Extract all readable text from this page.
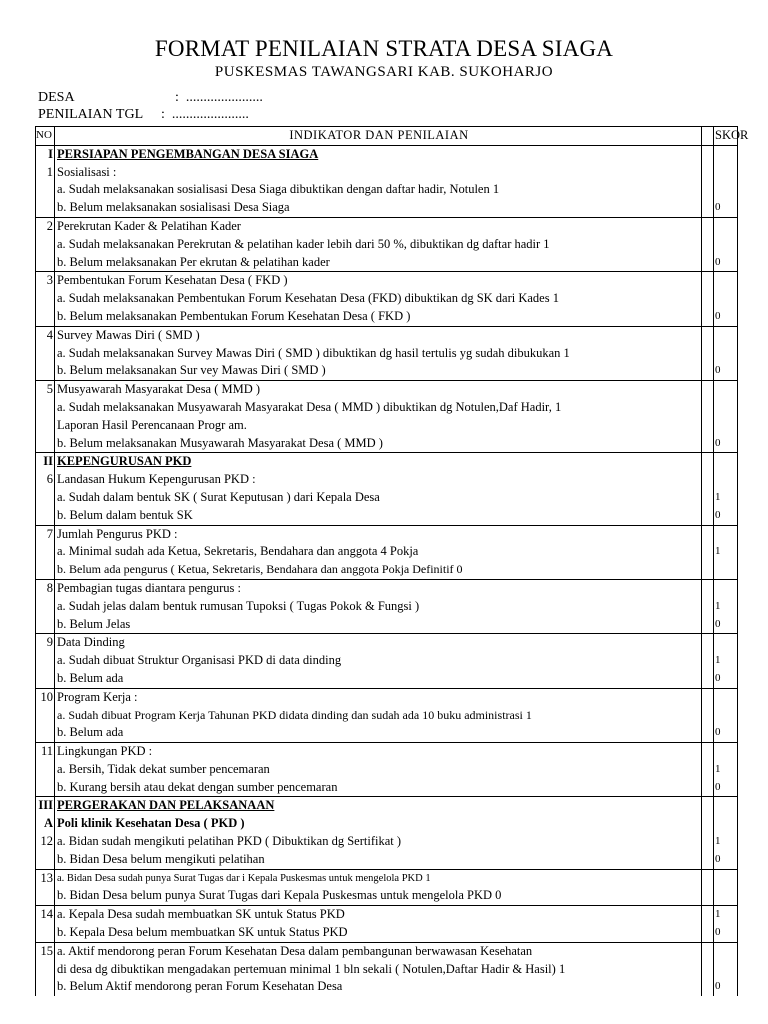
FORMAT PENILAIAN STRATA DESA SIAGA
PUSKESMAS TAWANGSARI KAB. SUKOHARJO
DESA	:  ......................
PENILAIAN TGL :  ......................
NO	INDIKATOR DAN PENILAIAN		SKOR
I	PERSIAPAN PENGEMBANGAN DESA SIAGA		
1	Sosialisasi :		
	a. Sudah melaksanakan sosialisasi Desa Siaga dibuktikan dengan daftar hadir, Notulen 1		
	b. Belum melaksanakan sosialisasi Desa Siaga		0
2	Perekrutan Kader & Pelatihan Kader		
	a. Sudah melaksanakan Perekrutan & pelatihan kader lebih dari 50 %, dibuktikan dg daftar hadir 1		
	b. Belum melaksanakan Per ekrutan & pelatihan kader		0
3	Pembentukan Forum Kesehatan Desa ( FKD )		
	a. Sudah melaksanakan Pembentukan Forum Kesehatan Desa (FKD) dibuktikan dg SK dari Kades 1		
	b. Belum melaksanakan Pembentukan Forum Kesehatan Desa ( FKD )		0
4	Survey Mawas Diri ( SMD )		
	a. Sudah melaksanakan Survey Mawas Diri ( SMD ) dibuktikan dg hasil tertulis yg sudah dibukukan 1		
	b. Belum melaksanakan Sur vey Mawas Diri ( SMD )		0
5	Musyawarah Masyarakat Desa ( MMD )		
	a. Sudah melaksanakan Musyawarah Masyarakat Desa ( MMD ) dibuktikan dg Notulen,Daf Hadir, 1		
	Laporan Hasil Perencanaan Progr am.		
	b. Belum melaksanakan Musyawarah Masyarakat Desa ( MMD )		0
II	KEPENGURUSAN PKD		
6	Landasan Hukum Kepengurusan PKD :		
	a. Sudah dalam bentuk SK ( Surat Keputusan ) dari Kepala Desa		1
	b. Belum dalam bentuk SK		0
7	Jumlah Pengurus PKD :		
	a. Minimal sudah ada Ketua, Sekretaris, Bendahara dan anggota 4 Pokja		1
	b. Belum ada pengurus ( Ketua, Sekretaris, Bendahara dan anggota Pokja Definitif 0		
8	Pembagian tugas diantara pengurus :		
	a. Sudah jelas dalam bentuk rumusan Tupoksi ( Tugas Pokok & Fungsi )		1
	b. Belum Jelas		0
9	Data Dinding		
	a. Sudah dibuat Struktur Organisasi PKD di data dinding		1
	b. Belum ada		0
10	Program Kerja :		
	a. Sudah dibuat Program Kerja Tahunan PKD didata dinding dan sudah ada 10 buku administrasi 1		
	b. Belum ada		0
11	Lingkungan PKD :		
	a. Bersih, Tidak dekat sumber pencemaran		1
	b. Kurang bersih atau dekat dengan sumber pencemaran		0
III	PERGERAKAN DAN PELAKSANAAN		
A	Poli klinik Kesehatan Desa ( PKD )		
12	a. Bidan sudah mengikuti pelatihan PKD ( Dibuktikan dg Sertifikat )		1
	b. Bidan Desa belum mengikuti pelatihan		0
13	a. Bidan Desa sudah punya Surat Tugas dar i Kepala Puskesmas untuk mengelola PKD 1		
	b. Bidan Desa belum punya Surat Tugas dari Kepala Puskesmas untuk mengelola PKD 0		
14	a. Kepala Desa sudah membuatkan SK untuk Status PKD		1
	b. Kepala Desa belum membuatkan SK untuk Status PKD		0
15	a. Aktif mendorong peran Forum Kesehatan Desa dalam pembangunan berwawasan Kesehatan		
	di desa dg dibuktikan mengadakan pertemuan minimal 1 bln sekali ( Notulen,Daftar Hadir & Hasil) 1		
	b. Belum Aktif mendorong peran Forum Kesehatan Desa		0
